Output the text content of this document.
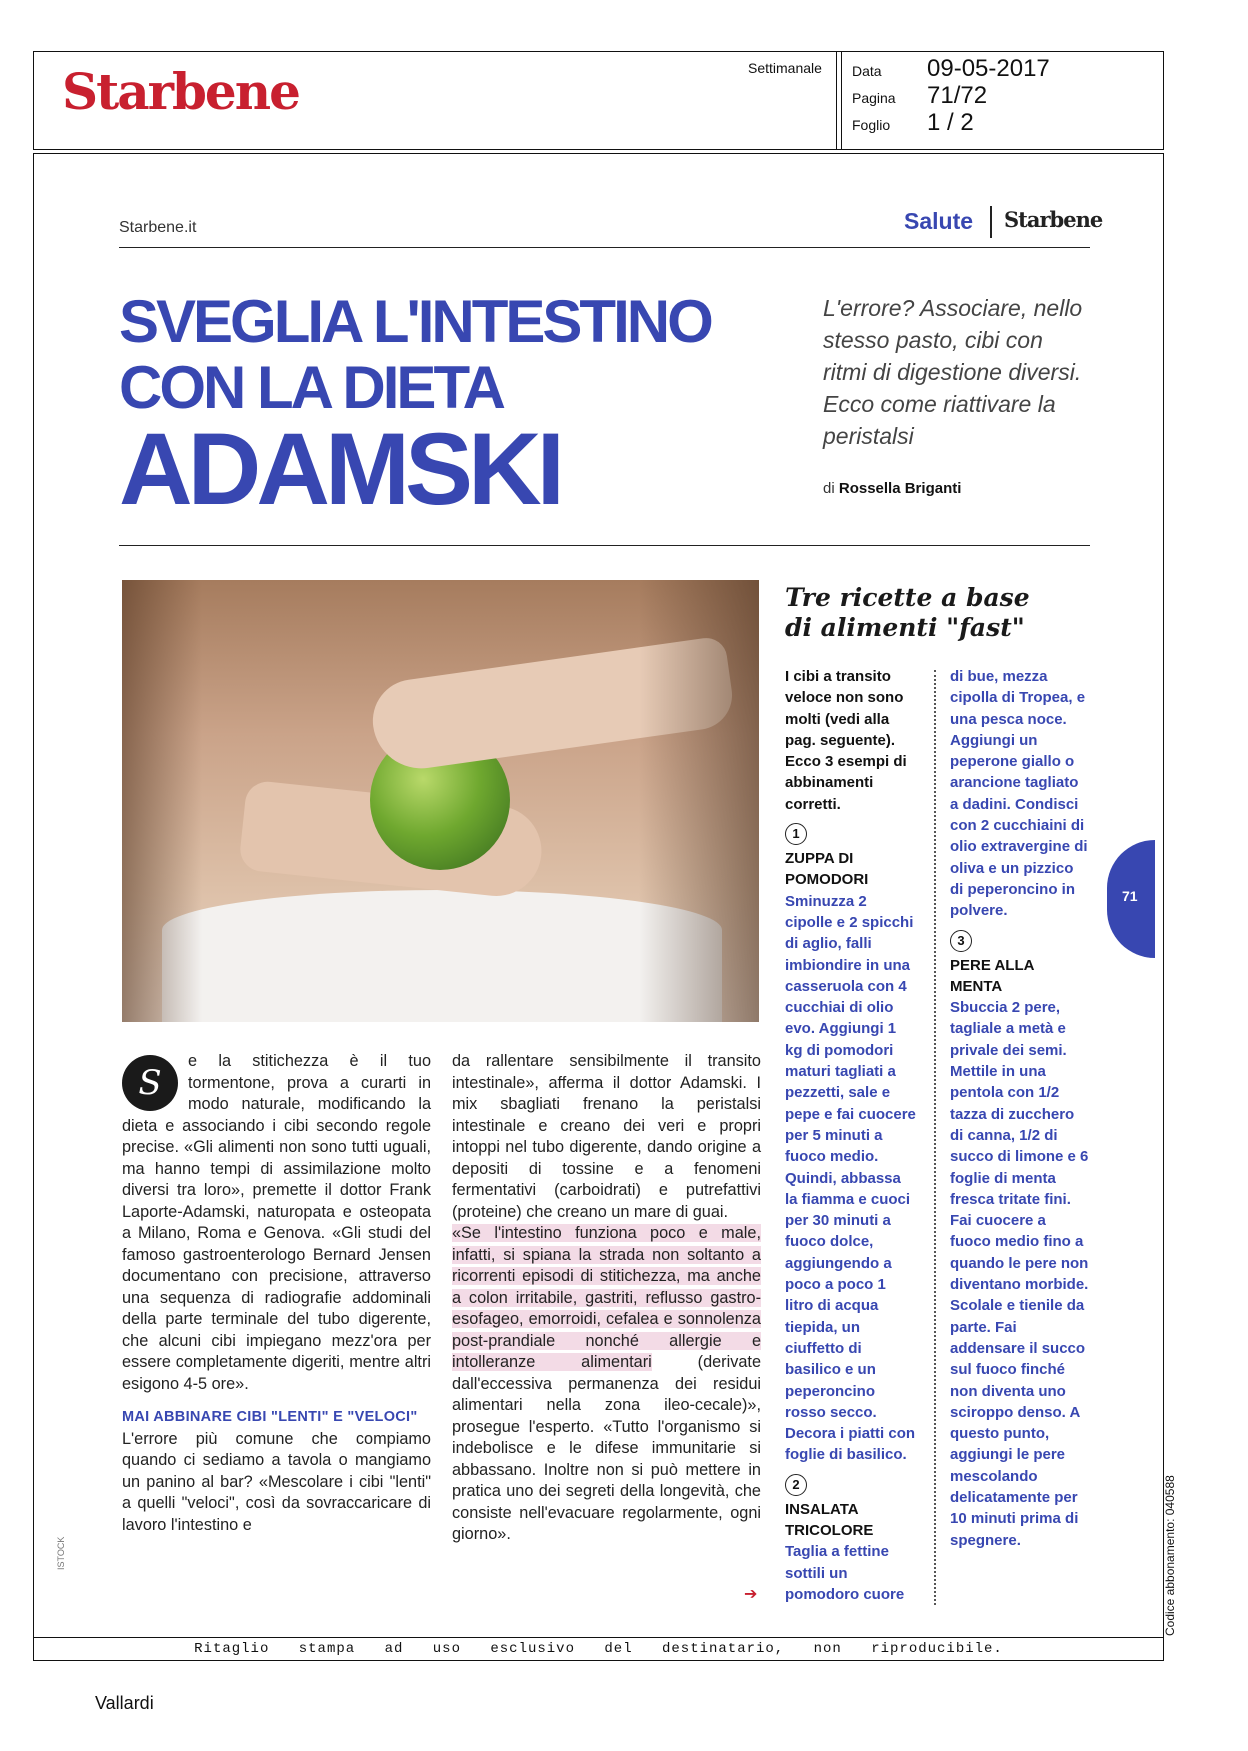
Starbene	Settimanale Data 09-05-2017
Pagina 71/72
Foglio 1 / 2
Ritaglio stampa ad uso esclusivo del destinatario, non riproducibile.
Starbene.it	Salute Starbene
SVEGLIA L'INTESTINO
CON LA DIETA
ADAMSKI
L'errore? Associare, nello stesso pasto, cibi con ritmi di digestione diversi. Ecco come riattivare la peristalsi
di Rossella Briganti

S
e la stitichezza è il tuo tormentone, prova a curarti in modo naturale, modificando la dieta e associando i cibi secondo regole precise. «Gli alimenti non sono tutti uguali, ma hanno tempi di assimilazione molto diversi tra loro», premette il dottor Frank Laporte-Adamski, naturopata e osteopata a Milano, Roma e Genova. «Gli studi del famoso gastroenterologo Bernard Jensen documentano con precisione, attraverso una sequenza di radiografie addominali della parte terminale del tubo digerente, che alcuni cibi impiegano mezz'ora per essere completamente digeriti, mentre altri esigono 4-5 ore».

MAI ABBINARE CIBI "LENTI" E "VELOCI"

L'errore più comune che compiamo quando ci sediamo a tavola o mangiamo un panino al bar? «Mescolare i cibi "lenti" a quelli "veloci", così da sovraccaricare di lavoro l'intestino e

da rallentare sensibilmente il transito intestinale», afferma il dottor Adamski. I mix sbagliati frenano la peristalsi intestinale e creano dei veri e propri intoppi nel tubo digerente, dando origine a depositi di tossine e a fenomeni fermentativi (carboidrati) e putrefattivi (proteine) che creano un mare di guai.

«Se l'intestino funziona poco e male, infatti, si spiana la strada non soltanto a ricorrenti episodi di stitichezza, ma anche a colon irritabile, gastriti, reflusso gastro-esofageo, emorroidi, cefalea e sonnolenza post-prandiale nonché allergie e intolleranze alimentari (derivate dall'eccessiva permanenza dei residui alimentari nella zona ileo-cecale)», prosegue l'esperto. «Tutto l'organismo si indebolisce e le difese immunitarie si abbassano. Inoltre non si può mettere in pratica uno dei segreti della longevità, che consiste nell'evacuare regolarmente, ogni giorno».

➔
Tre ricette a base
di alimenti "fast"

I cibi a transito veloce non sono molti (vedi alla pag. seguente). Ecco 3 esempi di abbinamenti corretti.

1

ZUPPA DI POMODORI

Sminuzza 2 cipolle e 2 spicchi di aglio, falli imbiondire in una casseruola con 4 cucchiai di olio evo. Aggiungi 1 kg di pomodori maturi tagliati a pezzetti, sale e pepe e fai cuocere per 5 minuti a fuoco medio. Quindi, abbassa la fiamma e cuoci per 30 minuti a fuoco dolce, aggiungendo a poco a poco 1 litro di acqua tiepida, un ciuffetto di basilico e un peperoncino rosso secco. Decora i piatti con foglie di basilico.

2

INSALATA TRICOLORE

Taglia a fettine sottili un pomodoro cuore

di bue, mezza cipolla di Tropea, e una pesca noce. Aggiungi un peperone giallo o arancione tagliato a dadini. Condisci con 2 cucchiaini di olio extravergine di oliva e un pizzico di peperoncino in polvere.

3

PERE ALLA MENTA

Sbuccia 2 pere, tagliale a metà e privale dei semi. Mettile in una pentola con 1/2 tazza di zucchero di canna, 1/2 di succo di limone e 6 foglie di menta fresca tritate fini. Fai cuocere a fuoco medio fino a quando le pere non diventano morbide. Scolale e tienile da parte. Fai addensare il succo sul fuoco finché non diventa uno sciroppo denso. A questo punto, aggiungi le pere mescolando delicatamente per 10 minuti prima di spegnere.

71
ISTOCK	Codice abbonamento: 040588
Vallardi
